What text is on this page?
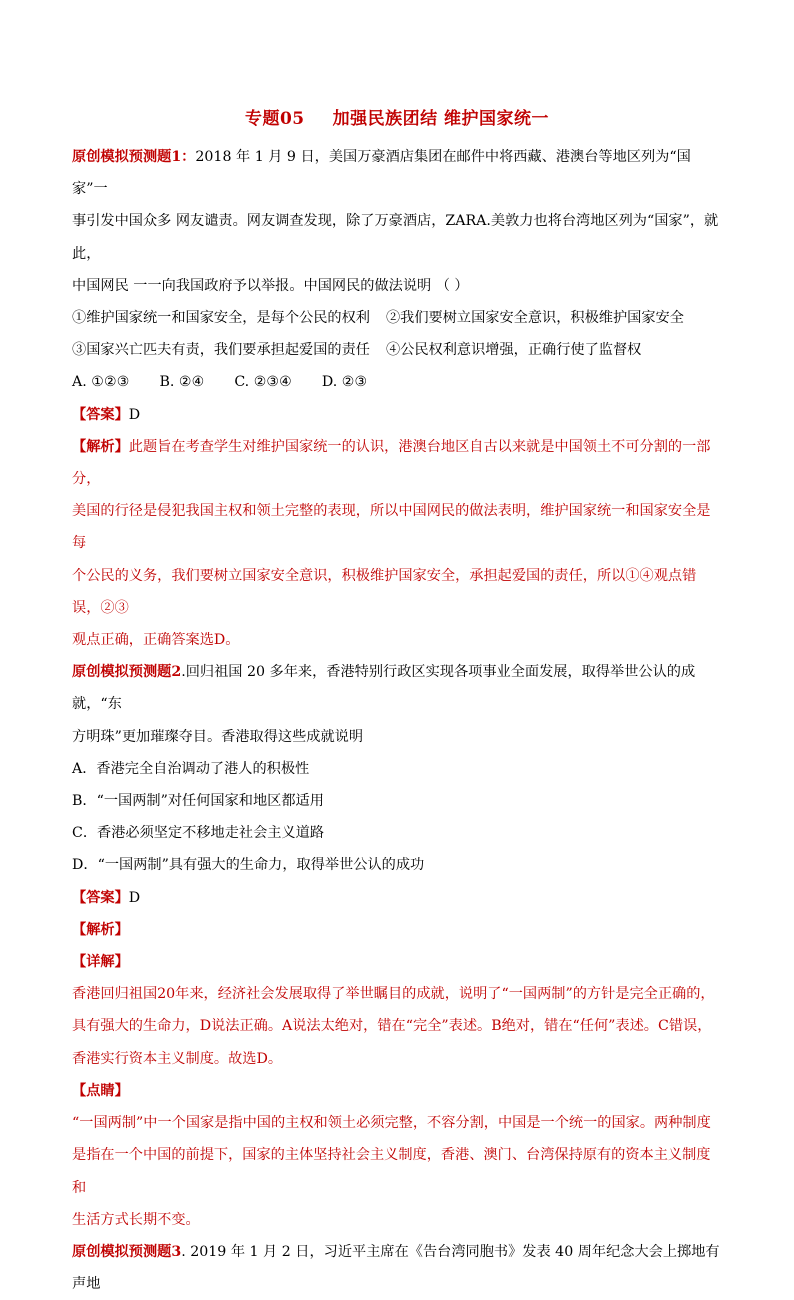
专题05 加强民族团结 维护国家统一

原创模拟预测题1：2018 年 1 月 9 日，美国万豪酒店集团在邮件中将西藏、港澳台等地区列为“国家”一

事引发中国众多 网友谴责。网友调查发现，除了万豪酒店，ZARA.美敦力也将台湾地区列为“国家”，就此，

中国网民 一一向我国政府予以举报。中国网民的做法说明 （ ）

①维护国家统一和国家安全，是每个公民的权利 ②我们要树立国家安全意识，积极维护国家安全

③国家兴亡匹夫有责，我们要承担起爱国的责任 ④公民权利意识增强，正确行使了监督权

A. ①②③ B. ②④ C. ②③④ D. ②③

【答案】D

【解析】此题旨在考查学生对维护国家统一的认识，港澳台地区自古以来就是中国领土不可分割的一部分，

美国的行径是侵犯我国主权和领土完整的表现，所以中国网民的做法表明，维护国家统一和国家安全是每

个公民的义务，我们要树立国家安全意识，积极维护国家安全，承担起爱国的责任，所以①④观点错误，②③

观点正确，正确答案选D。

原创模拟预测题2.回归祖国 20 多年来，香港特别行政区实现各项事业全面发展，取得举世公认的成就，“东

方明珠”更加璀璨夺目。香港取得这些成就说明

A．香港完全自治调动了港人的积极性

B．“一国两制”对任何国家和地区都适用

C．香港必须坚定不移地走社会主义道路

D．“一国两制”具有强大的生命力，取得举世公认的成功

【答案】D

【解析】

【详解】

香港回归祖国20年来，经济社会发展取得了举世瞩目的成就，说明了“一国两制”的方针是完全正确的，

具有强大的生命力，D说法正确。A说法太绝对，错在“完全”表述。B绝对，错在“任何”表述。C错误，

香港实行资本主义制度。故选D。

【点睛】

“一国两制”中一个国家是指中国的主权和领土必须完整，不容分割，中国是一个统一的国家。两种制度

是指在一个中国的前提下，国家的主体坚持社会主义制度，香港、澳门、台湾保持原有的资本主义制度和

生活方式长期不变。

原创模拟预测题3. 2019 年 1 月 2 日，习近平主席在《告台湾同胞书》发表 40 周年纪念大会上掷地有声地
